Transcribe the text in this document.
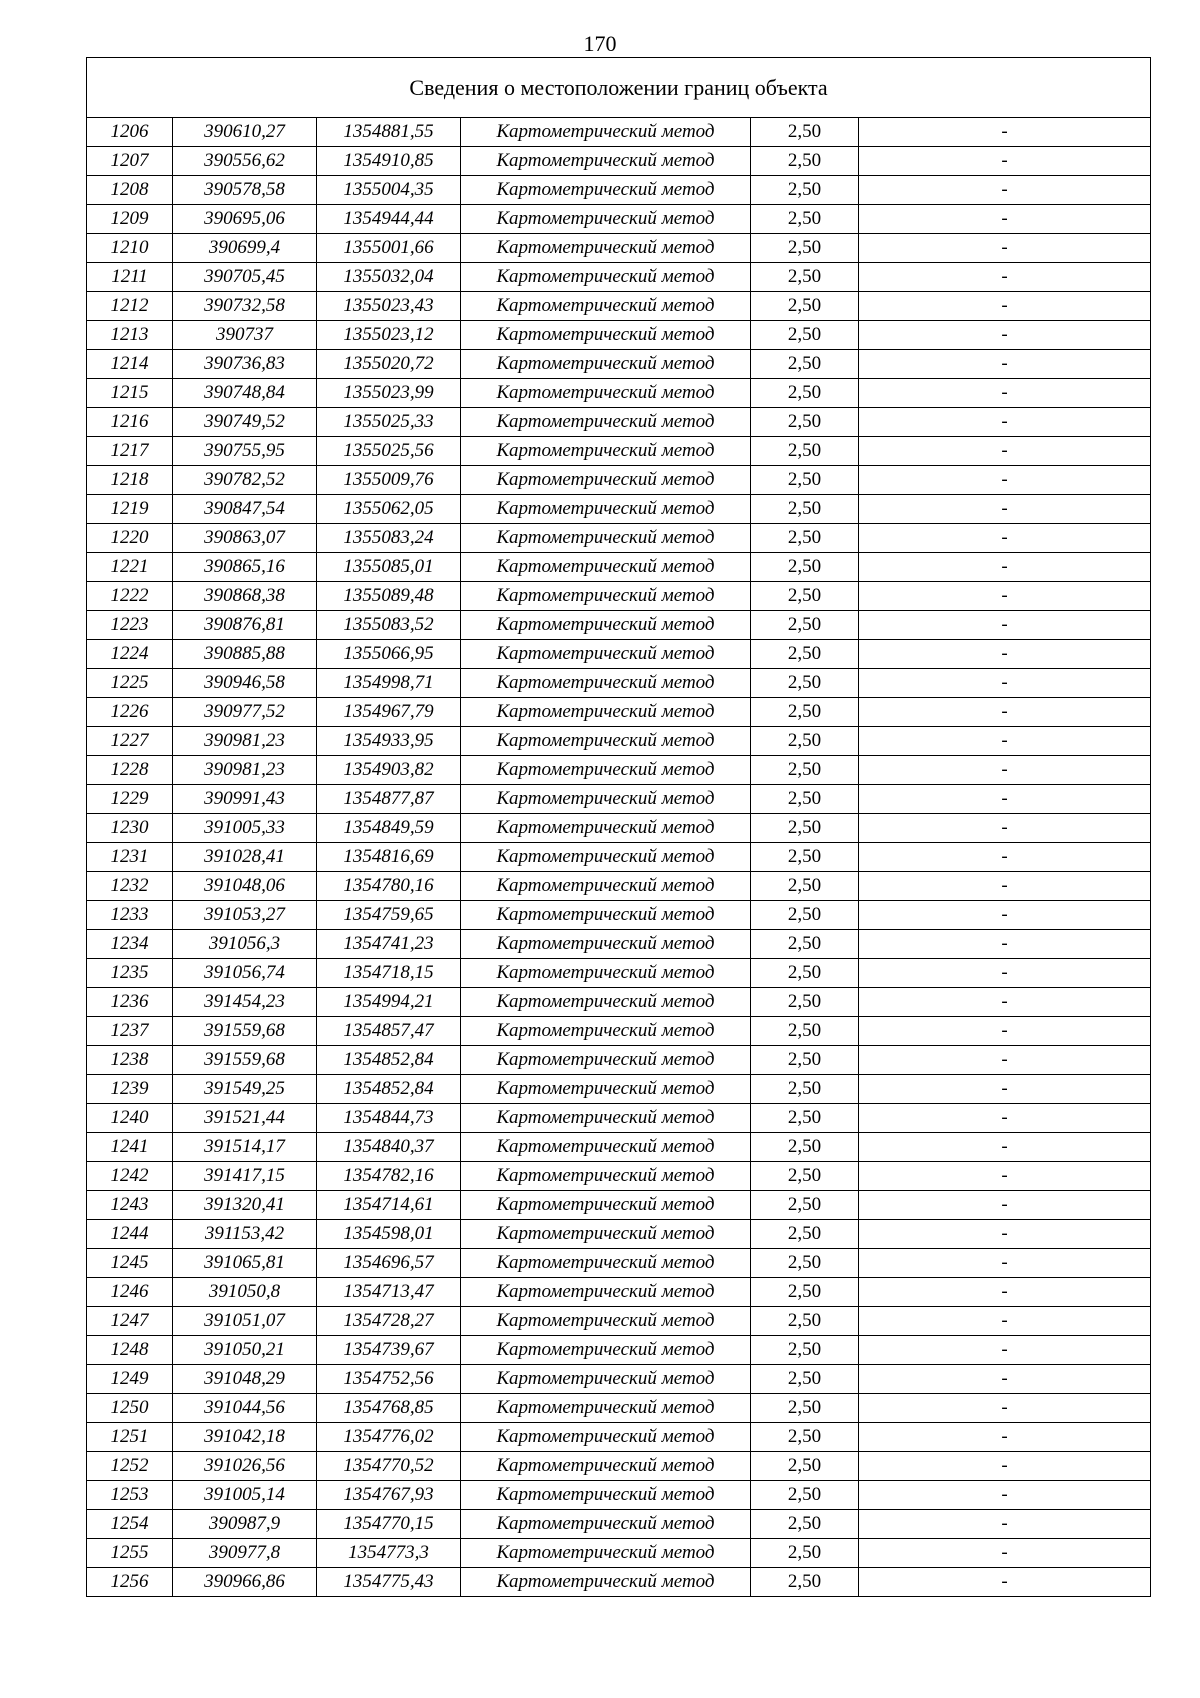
170
Сведения о местоположении границ объекта					
1206	390610,27	1354881,55	Картометрический метод	2,50	-
1207	390556,62	1354910,85	Картометрический метод	2,50	-
1208	390578,58	1355004,35	Картометрический метод	2,50	-
1209	390695,06	1354944,44	Картометрический метод	2,50	-
1210	390699,4	1355001,66	Картометрический метод	2,50	-
1211	390705,45	1355032,04	Картометрический метод	2,50	-
1212	390732,58	1355023,43	Картометрический метод	2,50	-
1213	390737	1355023,12	Картометрический метод	2,50	-
1214	390736,83	1355020,72	Картометрический метод	2,50	-
1215	390748,84	1355023,99	Картометрический метод	2,50	-
1216	390749,52	1355025,33	Картометрический метод	2,50	-
1217	390755,95	1355025,56	Картометрический метод	2,50	-
1218	390782,52	1355009,76	Картометрический метод	2,50	-
1219	390847,54	1355062,05	Картометрический метод	2,50	-
1220	390863,07	1355083,24	Картометрический метод	2,50	-
1221	390865,16	1355085,01	Картометрический метод	2,50	-
1222	390868,38	1355089,48	Картометрический метод	2,50	-
1223	390876,81	1355083,52	Картометрический метод	2,50	-
1224	390885,88	1355066,95	Картометрический метод	2,50	-
1225	390946,58	1354998,71	Картометрический метод	2,50	-
1226	390977,52	1354967,79	Картометрический метод	2,50	-
1227	390981,23	1354933,95	Картометрический метод	2,50	-
1228	390981,23	1354903,82	Картометрический метод	2,50	-
1229	390991,43	1354877,87	Картометрический метод	2,50	-
1230	391005,33	1354849,59	Картометрический метод	2,50	-
1231	391028,41	1354816,69	Картометрический метод	2,50	-
1232	391048,06	1354780,16	Картометрический метод	2,50	-
1233	391053,27	1354759,65	Картометрический метод	2,50	-
1234	391056,3	1354741,23	Картометрический метод	2,50	-
1235	391056,74	1354718,15	Картометрический метод	2,50	-
1236	391454,23	1354994,21	Картометрический метод	2,50	-
1237	391559,68	1354857,47	Картометрический метод	2,50	-
1238	391559,68	1354852,84	Картометрический метод	2,50	-
1239	391549,25	1354852,84	Картометрический метод	2,50	-
1240	391521,44	1354844,73	Картометрический метод	2,50	-
1241	391514,17	1354840,37	Картометрический метод	2,50	-
1242	391417,15	1354782,16	Картометрический метод	2,50	-
1243	391320,41	1354714,61	Картометрический метод	2,50	-
1244	391153,42	1354598,01	Картометрический метод	2,50	-
1245	391065,81	1354696,57	Картометрический метод	2,50	-
1246	391050,8	1354713,47	Картометрический метод	2,50	-
1247	391051,07	1354728,27	Картометрический метод	2,50	-
1248	391050,21	1354739,67	Картометрический метод	2,50	-
1249	391048,29	1354752,56	Картометрический метод	2,50	-
1250	391044,56	1354768,85	Картометрический метод	2,50	-
1251	391042,18	1354776,02	Картометрический метод	2,50	-
1252	391026,56	1354770,52	Картометрический метод	2,50	-
1253	391005,14	1354767,93	Картометрический метод	2,50	-
1254	390987,9	1354770,15	Картометрический метод	2,50	-
1255	390977,8	1354773,3	Картометрический метод	2,50	-
1256	390966,86	1354775,43	Картометрический метод	2,50	-
